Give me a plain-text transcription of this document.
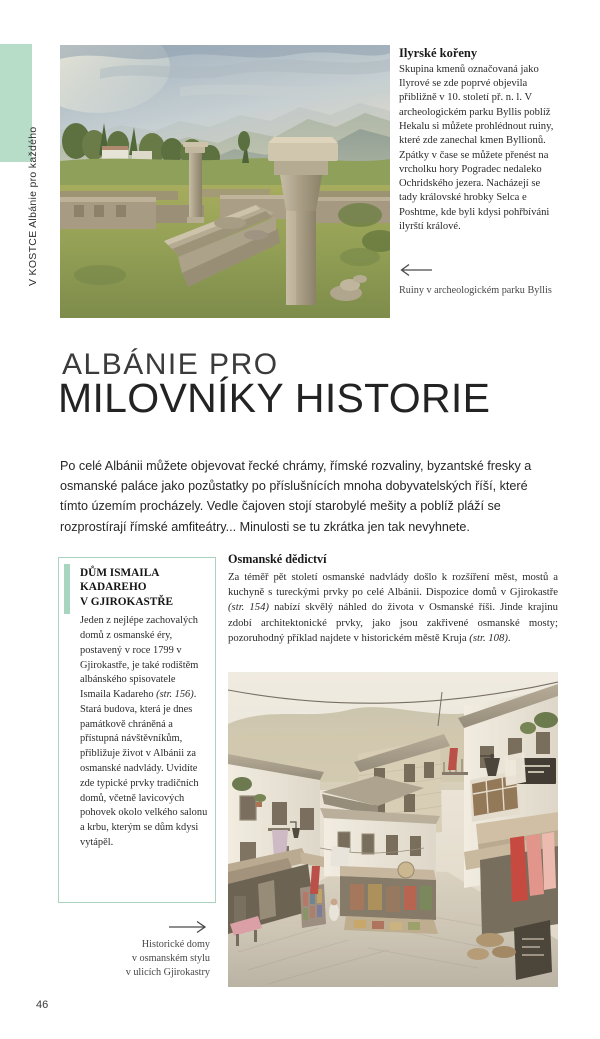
V KOSTCE Albánie pro každého
Ilyrské kořeny

Skupina kmenů označovaná jako Ilyrové se zde poprvé objevila přibližně v 10. století př. n. l. V archeologickém parku Byllis poblíž Hekalu si můžete prohlédnout ruiny, které zde zanechal kmen Byllionů. Zpátky v čase se můžete přenést na vrcholku hory Pogradec nedaleko Ochridského jezera. Nacházejí se tady královské hrobky Selca e Poshtme, kde byli kdysi pohřbíváni ilyrští králové.

Ruiny v archeologickém parku Byllis
ALBÁNIE PRO
MILOVNÍKY HISTORIE

Po celé Albánii můžete objevovat řecké chrámy, římské rozvaliny, byzantské fresky a osmanské paláce jako pozůstatky po příslušnících mnoha dobyvatelských říší, které tímto územím procházely. Vedle čajoven stojí starobylé mešity a poblíž pláží se rozprostírají římské amfiteátry... Minulosti se tu zkrátka jen tak nevyhnete.

DŮM ISMAILA
KADAREHO
V GJIROKASTŘE

Jeden z nejlépe zachovalých domů z osmanské éry, postavený v roce 1799 v Gjirokastře, je také rodištěm albánského spisovatele Ismaila Kadareho (str. 156). Stará budova, která je dnes památkově chráněná a přístupná návštěvníkům, přibližuje život v Albánii za osmanské nadvlády. Uvidíte zde typické prvky tradičních domů, včetně lavicových pohovek okolo velkého salonu a krbu, kterým se dům kdysi vytápěl.

Osmanské dědictví

Za téměř pět století osmanské nadvlády došlo k rozšíření měst, mostů a kuchyně s tureckými prvky po celé Albánii. Dispozice domů v Gjirokastře (str. 154) nabízí skvělý náhled do života v Osmanské říši. Jinde krajinu zdobí architektonické prvky, jako jsou zakřivené osmanské mosty; pozoruhodný příklad najdete v historickém městě Kruja (str. 108).

Historické domy
v osmanském stylu
v ulicích Gjirokastry
46
